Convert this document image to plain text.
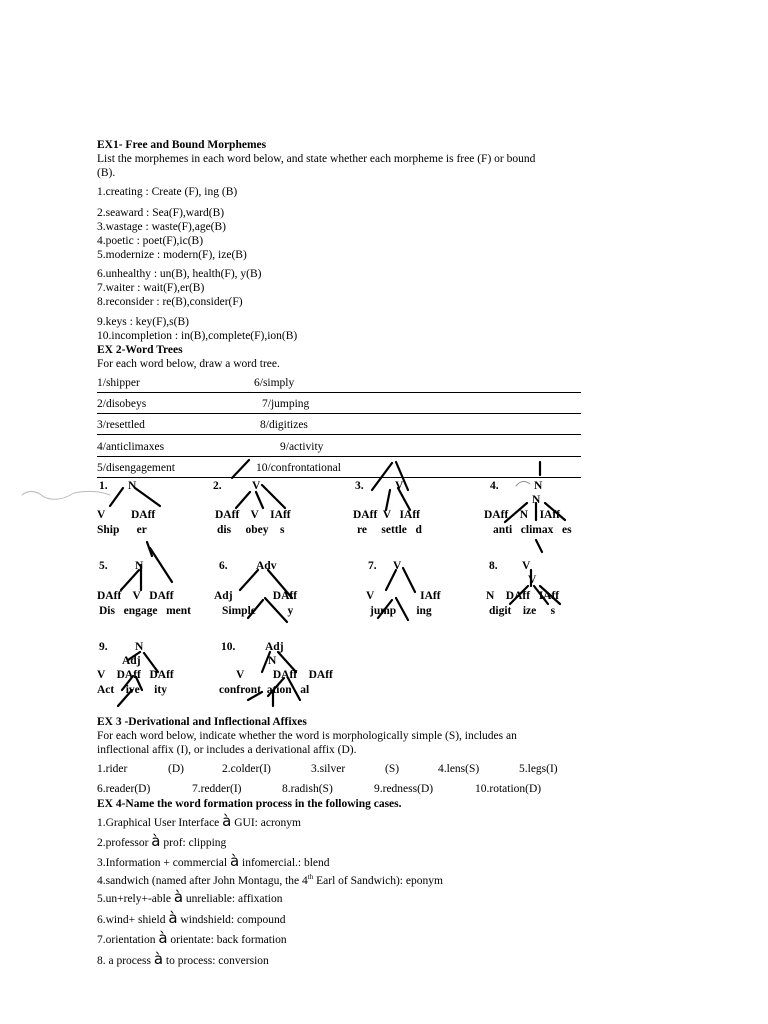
EX1- Free and Bound Morphemes
List the morphemes in each word below, and state whether each morpheme is free (F) or bound
(B).
1.creating : Create (F), ing (B)
2.seaward : Sea(F),ward(B)
3.wastage : waste(F),age(B)
4.poetic : poet(F),ic(B)
5.modernize : modern(F), ize(B)
6.unhealthy : un(B), health(F), y(B)
7.waiter : wait(F),er(B)
8.reconsider : re(B),consider(F)
9.keys : key(F),s(B)
10.incompletion : in(B),complete(F),ion(B)
EX 2-Word Trees
For each word below, draw a word tree.
1/shipper	6/simply
2/disobeys	7/jumping
3/resettled	8/digitizes
4/anticlimaxes	9/activity
5/disengagement	10/confrontational
1. N
V         DAff
Ship      er
2.	V
DAff    V    IAff
dis     obey    s
3.	V
DAff  V   IAff
re     settle   d
4.	N
N
DAff    N    IAff
anti   climax   es
5. N
DAff    V   DAff
Dis   engage   ment
6. Adv
Adj              DAff
Simple           y
7. V
V                IAff
jump       ing
8. V
V
N    DAff   IAff
digit    ize     s
9. N
Adj
V    DAff   DAff
Act    ive     ity
10.	Adj
N
V          DAff    DAff
confront  ation   al
EX 3 -Derivational and Inflectional Affixes
For each word below, indicate whether the word is morphologically simple (S), includes an
inflectional affix (I), or includes a derivational affix (D).
1.rider	(D)	2.colder(I)	3.silver	(S)	4.lens(S)	5.legs(I)
6.reader(D)	7.redder(I)	8.radish(S)	9.redness(D)	10.rotation(D)
EX 4-Name the word formation process in the following cases.
1.Graphical User Interface à GUI: acronym
2.professor à prof: clipping
3.Information + commercial à infomercial.: blend
4.sandwich (named after John Montagu, the 4th Earl of Sandwich): eponym
5.un+rely+-able à unreliable: affixation
6.wind+ shield à windshield: compound
7.orientation à orientate: back formation
8. a process à to process: conversion
